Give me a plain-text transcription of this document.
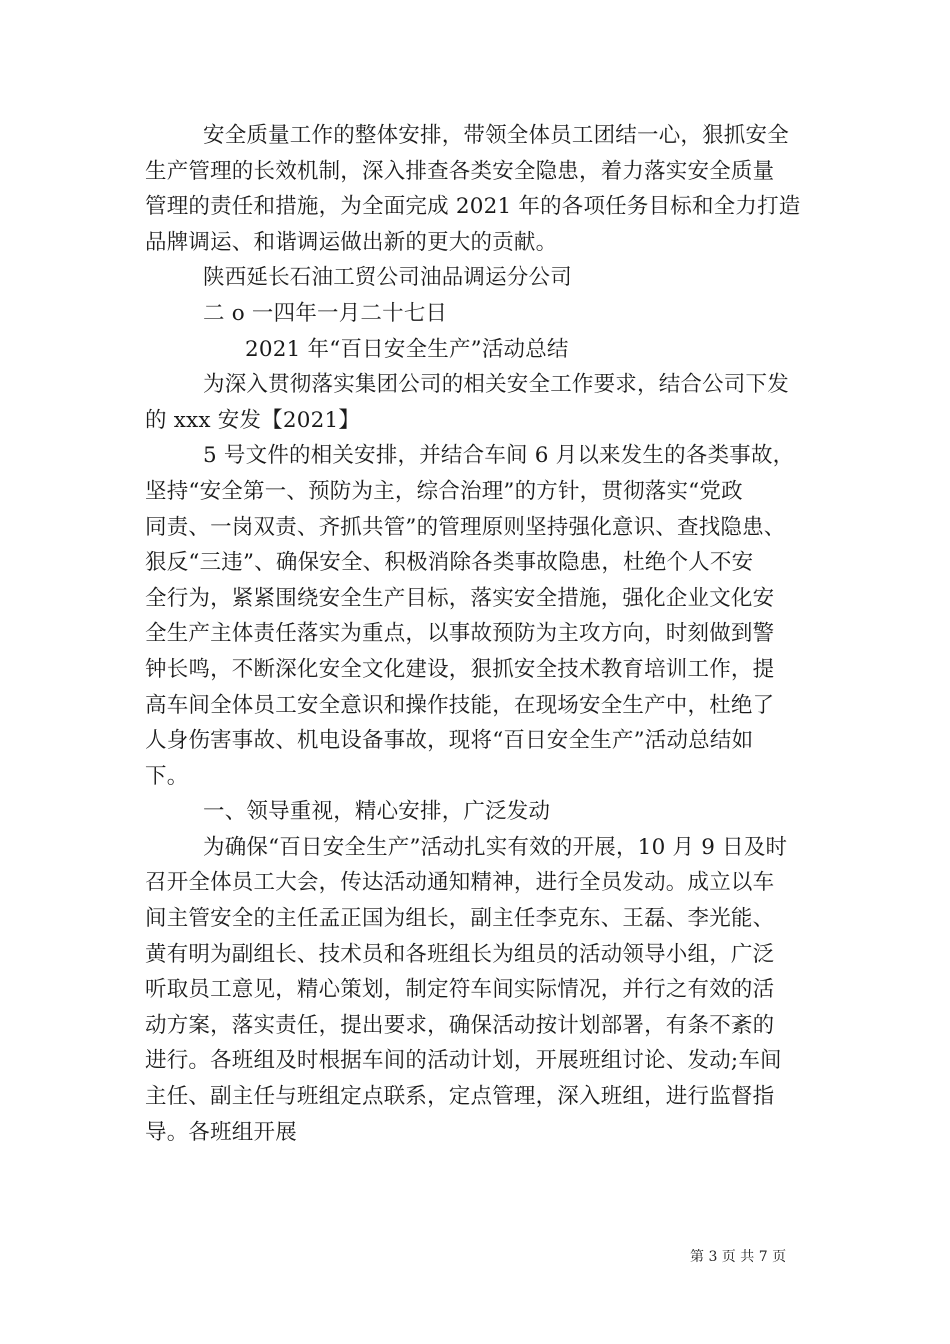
安全质量工作的整体安排，带领全体员工团结一心，狠抓安全
生产管理的长效机制，深入排查各类安全隐患，着力落实安全质量
管理的责任和措施，为全面完成 2021 年的各项任务目标和全力打造
品牌调运、和谐调运做出新的更大的贡献。
陕西延长石油工贸公司油品调运分公司
二 o 一四年一月二十七日
2021 年“百日安全生产”活动总结
为深入贯彻落实集团公司的相关安全工作要求，结合公司下发
的 xxx 安发【2021】
5 号文件的相关安排，并结合车间 6 月以来发生的各类事故，
坚持“安全第一、预防为主，综合治理”的方针，贯彻落实“党政
同责、一岗双责、齐抓共管”的管理原则坚持强化意识、查找隐患、
狠反“三违”、确保安全、积极消除各类事故隐患，杜绝个人不安
全行为，紧紧围绕安全生产目标，落实安全措施，强化企业文化安
全生产主体责任落实为重点，以事故预防为主攻方向，时刻做到警
钟长鸣，不断深化安全文化建设，狠抓安全技术教育培训工作，提
高车间全体员工安全意识和操作技能，在现场安全生产中，杜绝了
人身伤害事故、机电设备事故，现将“百日安全生产”活动总结如
下。
一、领导重视，精心安排，广泛发动
为确保“百日安全生产”活动扎实有效的开展，10 月 9 日及时
召开全体员工大会，传达活动通知精神，进行全员发动。成立以车
间主管安全的主任孟正国为组长，副主任李克东、王磊、李光能、
黄有明为副组长、技术员和各班组长为组员的活动领导小组，广泛
听取员工意见，精心策划，制定符车间实际情况，并行之有效的活
动方案，落实责任，提出要求，确保活动按计划部署，有条不紊的
进行。各班组及时根据车间的活动计划，开展班组讨论、发动;车间
主任、副主任与班组定点联系，定点管理，深入班组，进行监督指
导。各班组开展
第 3 页 共 7 页
